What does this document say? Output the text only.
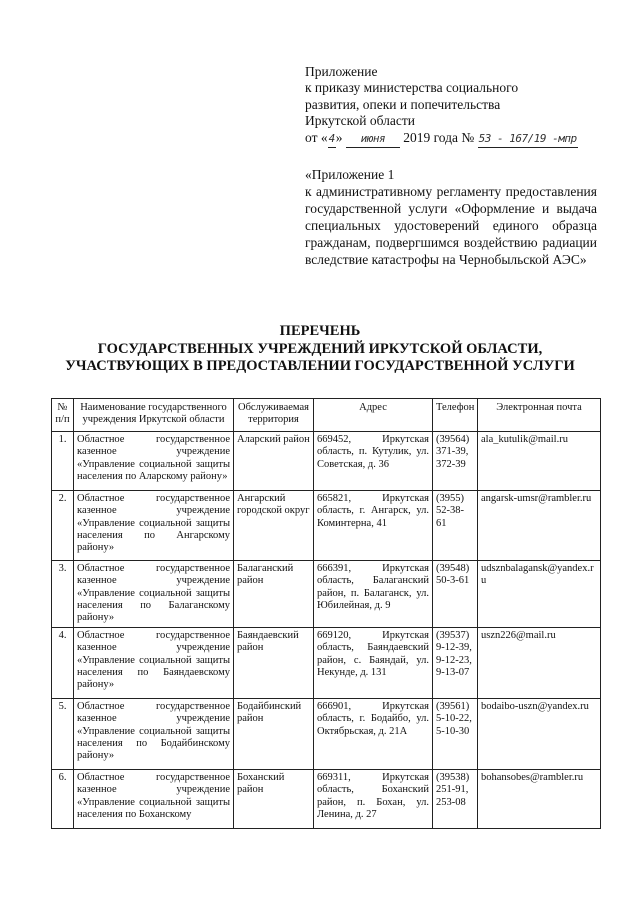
Приложение
к приказу министерства социального
развития, опеки и попечительства
Иркутской области
от «4» июня 2019 года № 53 - 167/19 -мпр
«Приложение 1
к административному регламенту предоставления государственной услуги «Оформление и выдача специальных удостоверений единого образца гражданам, подвергшимся воздействию радиации вследствие катастрофы на Чернобыльской АЭС»
ПЕРЕЧЕНЬ
ГОСУДАРСТВЕННЫХ УЧРЕЖДЕНИЙ ИРКУТСКОЙ ОБЛАСТИ,
УЧАСТВУЮЩИХ В ПРЕДОСТАВЛЕНИИ ГОСУДАРСТВЕННОЙ УСЛУГИ
№ п/п	Наименование государственного учреждения Иркутской области	Обслуживаемая территория	Адрес	Телефон	Электронная почта
1.	Областное государственное казенное учреждение «Управление социальной защиты населения по Аларскому району»	Аларский район	669452, Иркутская область, п. Кутулик, ул. Советская, д. 36	(39564) 371-39, 372-39	ala_kutulik@mail.ru
2.	Областное государственное казенное учреждение «Управление социальной защиты населения по Ангарскому району»	Ангарский городской округ	665821, Иркутская область, г. Ангарск, ул. Коминтерна, 41	(3955) 52-38-61	angarsk-umsr@rambler.ru
3.	Областное государственное казенное учреждение «Управление социальной защиты населения по Балаганскому району»	Балаганский район	666391, Иркутская область, Балаганский район, п. Балаганск, ул. Юбилейная, д. 9	(39548) 50-3-61	udsznbalagansk@yandex.ru
4.	Областное государственное казенное учреждение «Управление социальной защиты населения по Баяндаевскому району»	Баяндаевский район	669120, Иркутская область, Баяндаевский район, с. Баяндай, ул. Некунде, д. 131	(39537) 9-12-39, 9-12-23, 9-13-07	uszn226@mail.ru
5.	Областное государственное казенное учреждение «Управление социальной защиты населения по Бодайбинскому району»	Бодайбинский район	666901, Иркутская область, г. Бодайбо, ул. Октябрьская, д. 21А	(39561) 5-10-22, 5-10-30	bodaibo-uszn@yandex.ru
6.	Областное государственное казенное учреждение «Управление социальной защиты населения по Боханскому	Боханский район	669311, Иркутская область, Боханский район, п. Бохан, ул. Ленина, д. 27	(39538) 251-91, 253-08	bohansobes@rambler.ru
